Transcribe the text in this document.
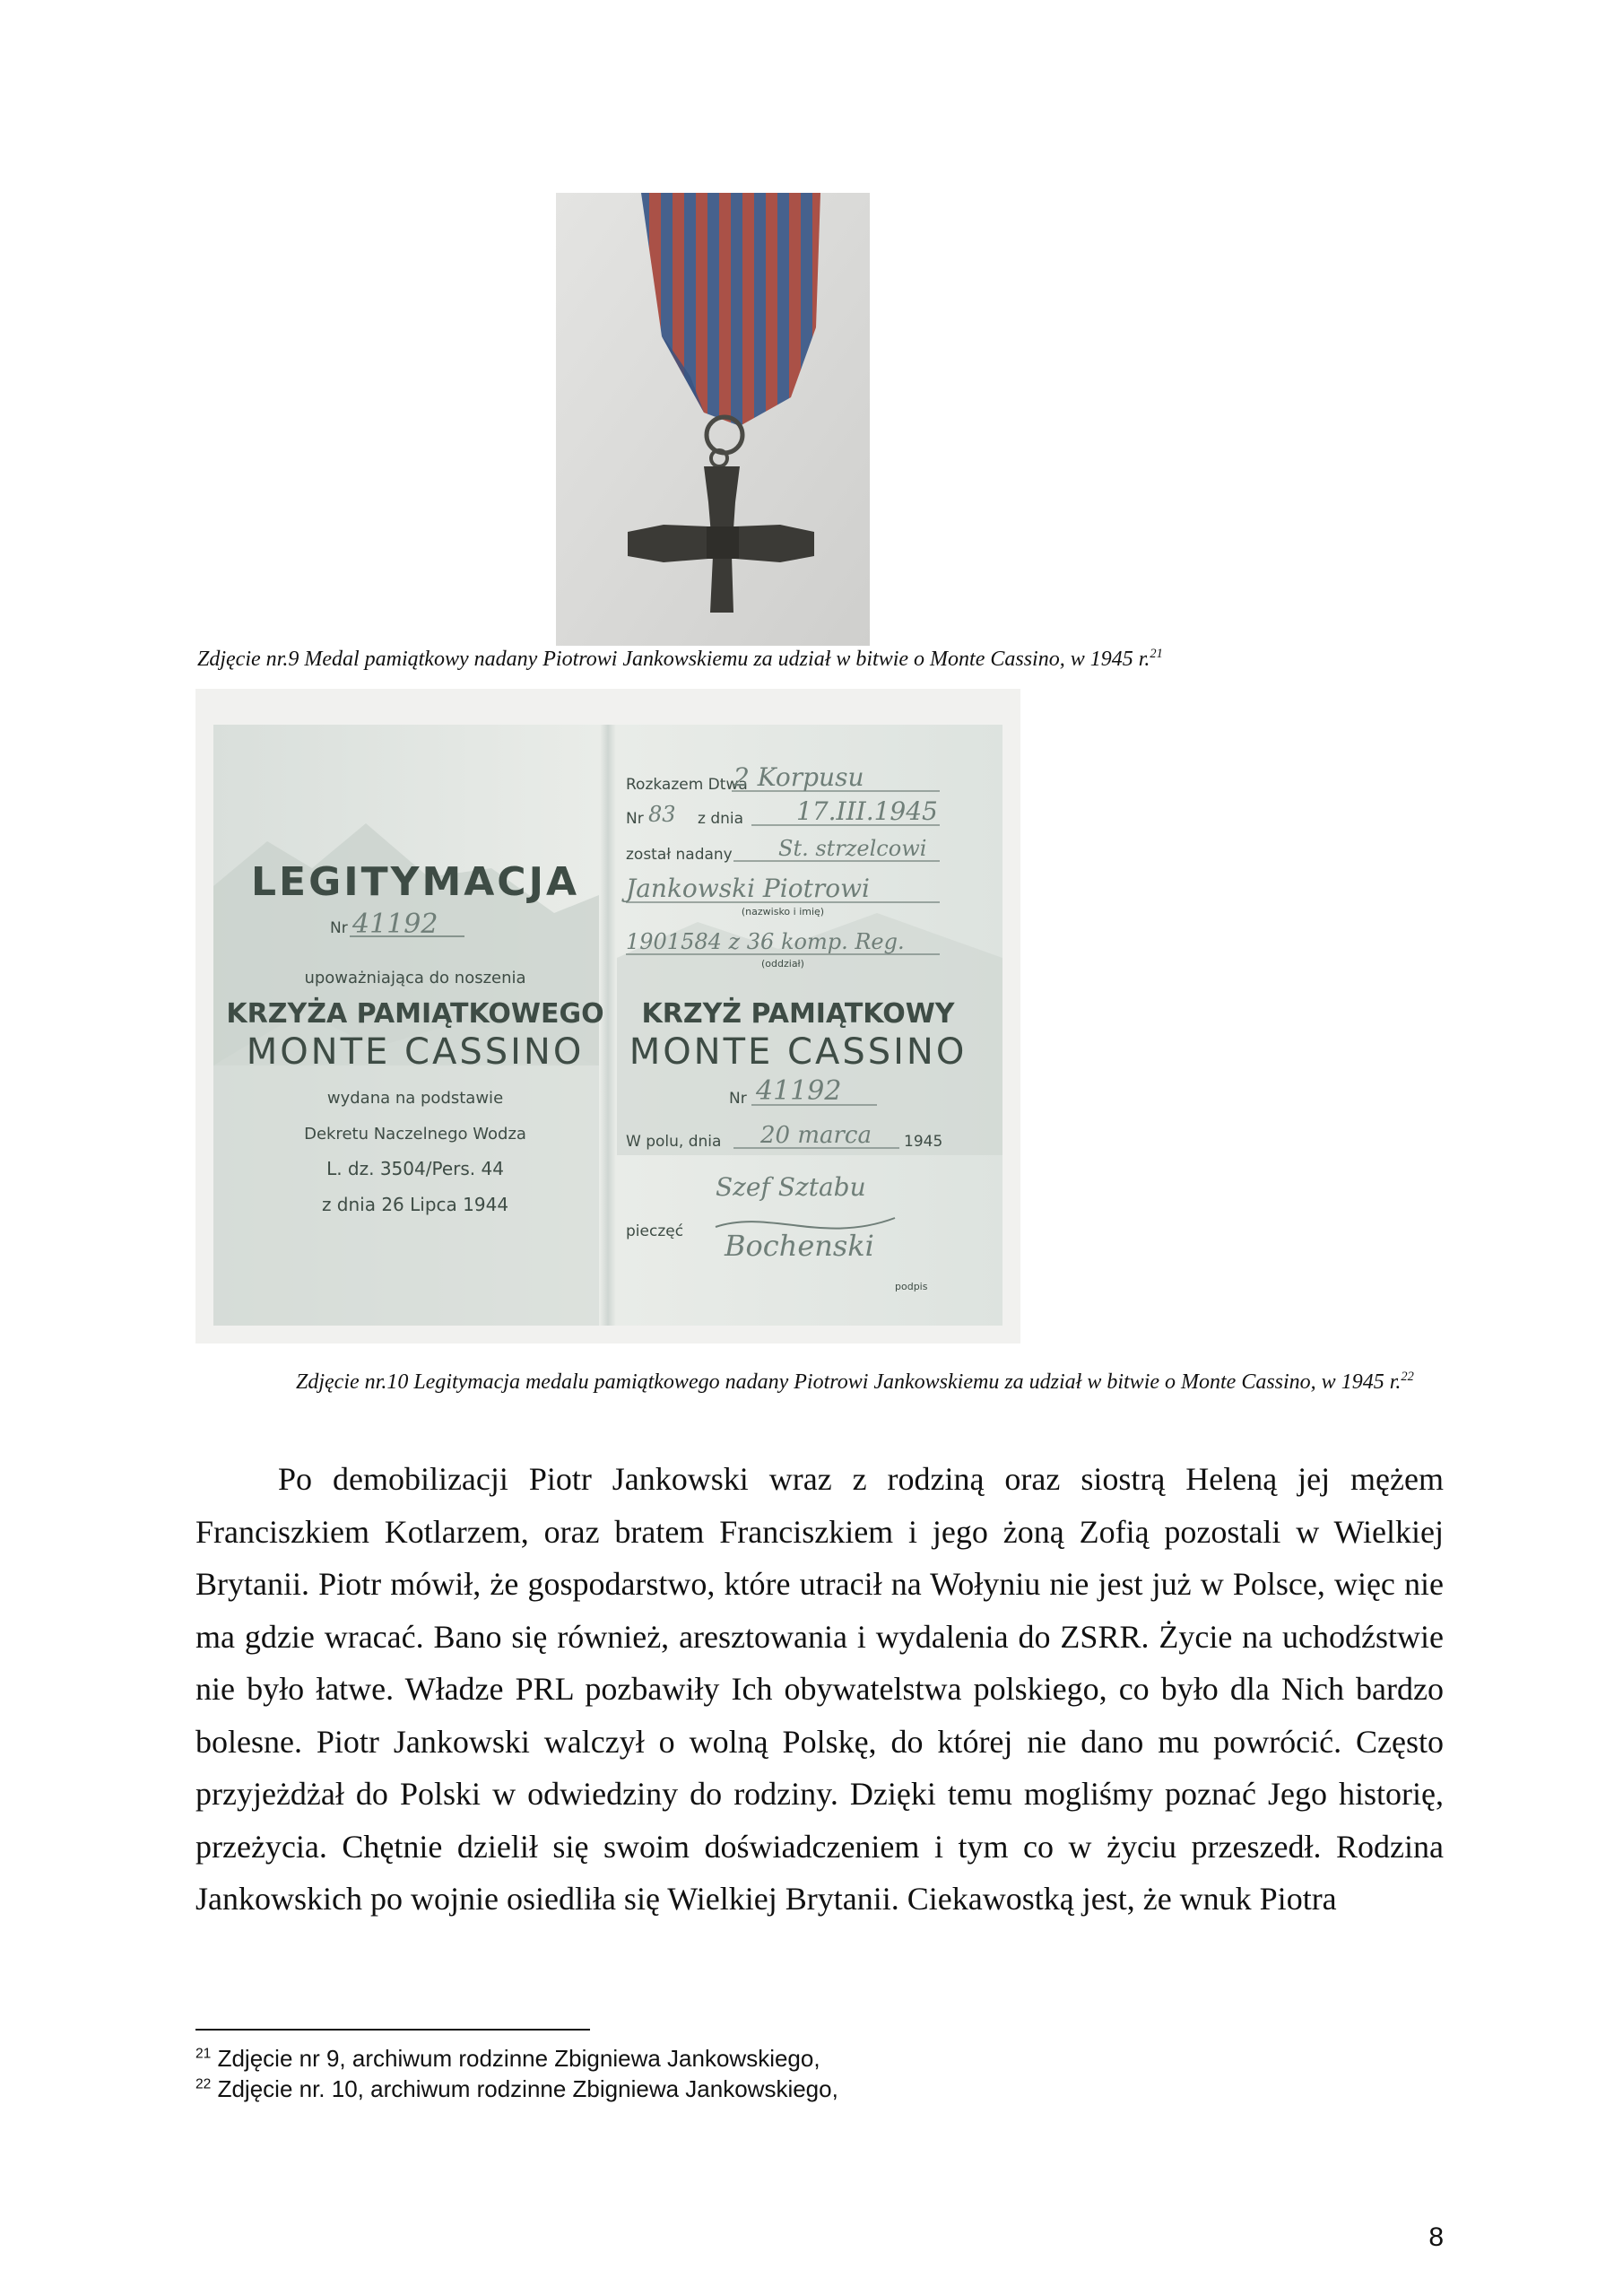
Zdjęcie nr.9 Medal pamiątkowy nadany Piotrowi Jankowskiemu za udział w bitwie o Monte Cassino, w 1945 r.$^{21}$
LEGITYMACJA
Nr 41192
upoważniająca do noszenia
KRZYŻA PAMIĄTKOWEGO
MONTE CASSINO
wydana na podstawie
Dekretu Naczelnego Wodza
L. dz. 3504/Pers. 44
z dnia 26 Lipca 1944
Rozkazem Dtwa
2 Korpusu
Nr 83 z dnia 17.III.1945
został nadany St. strzelcowi
Jankowski Piotrowi
(nazwisko i imię)
1901584 z 36 komp. Reg.
(oddział)
KRZYŻ PAMIĄTKOWY
MONTE CASSINO
Nr 41192
W polu, dnia 20 marca 1945
Szef Sztabu
pieczęć Bochenski
podpis
Zdjęcie nr.10 Legitymacja medalu pamiątkowego nadany Piotrowi Jankowskiemu za udział w bitwie o Monte Cassino, w 1945 r.$^{22}$
Po demobilizacji Piotr Jankowski wraz z rodziną oraz siostrą Heleną jej mężem Franciszkiem Kotlarzem, oraz bratem Franciszkiem i jego żoną Zofią pozostali w Wielkiej Brytanii. Piotr mówił, że gospodarstwo, które utracił na Wołyniu nie jest już w Polsce, więc nie ma gdzie wracać. Bano się również, aresztowania i wydalenia do ZSRR. Życie na uchodźstwie nie było łatwe. Władze PRL pozbawiły Ich obywatelstwa polskiego, co było dla Nich bardzo bolesne. Piotr Jankowski walczył o wolną Polskę, do której nie dano mu powrócić. Często przyjeżdżał do Polski w odwiedziny do rodziny. Dzięki temu mogliśmy poznać Jego historię, przeżycia. Chętnie dzielił się swoim doświadczeniem i tym co w życiu przeszedł. Rodzina Jankowskich po wojnie osiedliła się Wielkiej Brytanii. Ciekawostką jest, że wnuk Piotra
$^{21}$ Zdjęcie nr 9, archiwum rodzinne Zbigniewa Jankowskiego,
$^{22}$ Zdjęcie nr. 10, archiwum rodzinne Zbigniewa Jankowskiego,
8
